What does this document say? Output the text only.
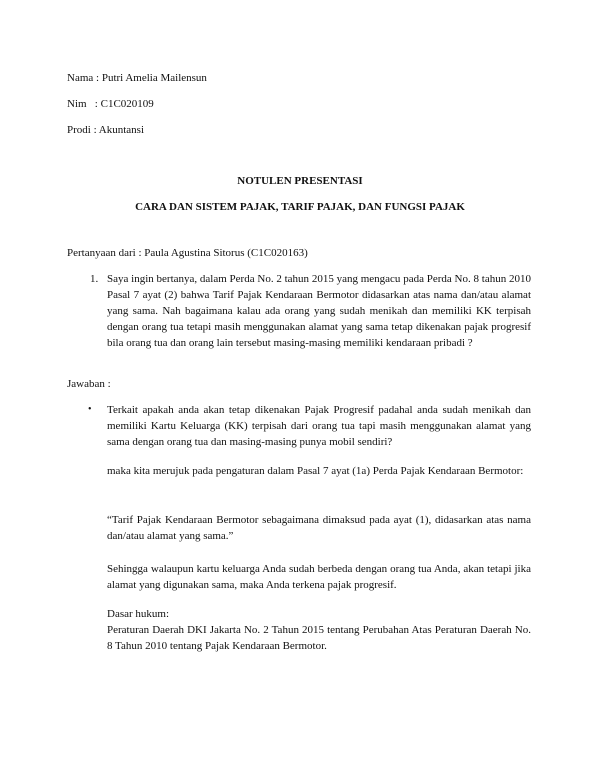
Nama : Putri Amelia Mailensun
Nim   : C1C020109
Prodi : Akuntansi
NOTULEN PRESENTASI
CARA DAN SISTEM PAJAK, TARIF PAJAK, DAN FUNGSI PAJAK
Pertanyaan dari : Paula Agustina Sitorus (C1C020163)
1. Saya ingin bertanya, dalam Perda No. 2 tahun 2015 yang mengacu pada Perda No. 8 tahun 2010 Pasal 7 ayat (2) bahwa Tarif Pajak Kendaraan Bermotor didasarkan atas nama dan/atau alamat yang sama. Nah bagaimana kalau ada orang yang sudah menikah dan memiliki KK terpisah dengan orang tua tetapi masih menggunakan alamat yang sama tetap dikenakan pajak progresif bila orang tua dan orang lain tersebut masing-masing memiliki kendaraan pribadi ?
Jawaban :
• Terkait apakah anda akan tetap dikenakan Pajak Progresif padahal anda sudah menikah dan memiliki Kartu Keluarga (KK) terpisah dari orang tua tapi masih menggunakan alamat yang sama dengan orang tua dan masing-masing punya mobil sendiri?
maka kita merujuk pada pengaturan dalam Pasal 7 ayat (1a) Perda Pajak Kendaraan Bermotor:
“Tarif Pajak Kendaraan Bermotor sebagaimana dimaksud pada ayat (1), didasarkan atas nama dan/atau alamat yang sama.”
Sehingga walaupun kartu keluarga Anda sudah berbeda dengan orang tua Anda, akan tetapi jika alamat yang digunakan sama, maka Anda terkena pajak progresif.
Dasar hukum:
Peraturan Daerah DKI Jakarta No. 2 Tahun 2015 tentang Perubahan Atas Peraturan Daerah No. 8 Tahun 2010 tentang Pajak Kendaraan Bermotor.
